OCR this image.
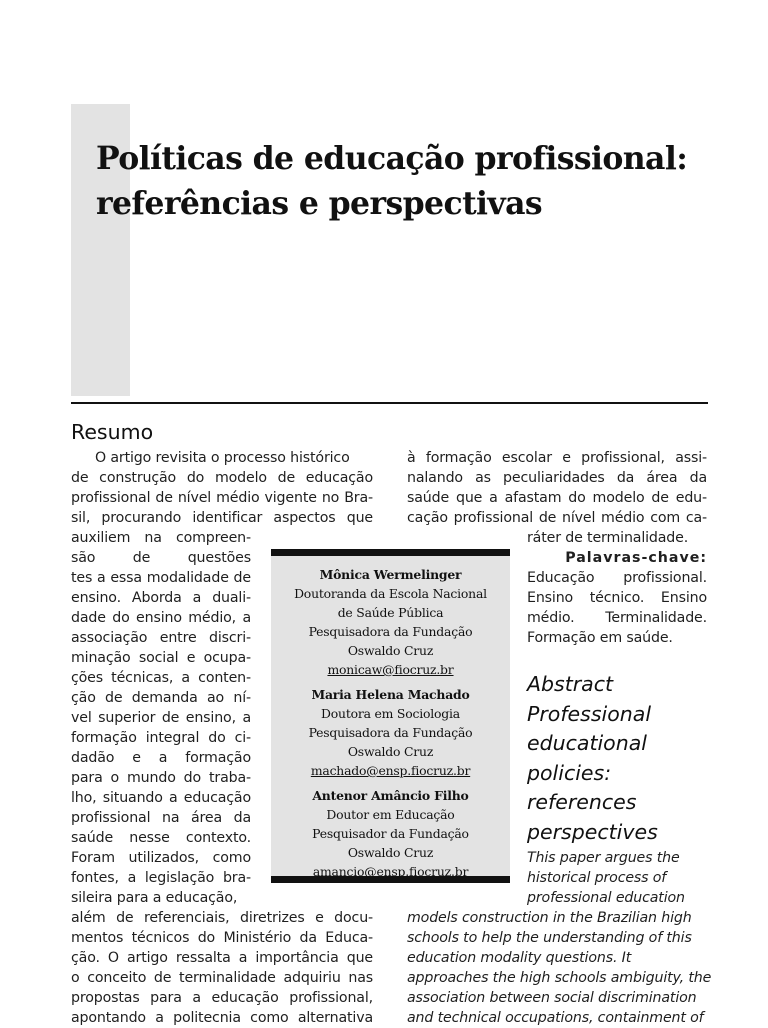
Políticas de educação profissional:
referências e perspectivas
Resumo
O artigo revisita o processo histórico
de construção do modelo de educação
profissional de nível médio vigente no Bra-
sil, procurando identificar aspectos que
auxiliem na compreen-
são de questões
tes a essa modalidade de
ensino. Aborda a duali-
dade do ensino médio, a
associação entre discri-
minação social e ocupa-
ções técnicas, a conten-
ção de demanda ao ní-
vel superior de ensino, a
formação integral do ci-
dadão e a formação
para o mundo do traba-
lho, situando a educação
profissional na área da
saúde nesse contexto.
Foram utilizados, como
fontes, a legislação bra-
sileira para a educação,
além de referenciais, diretrizes e docu-
mentos técnicos do Ministério da Educa-
ção. O artigo ressalta a importância que
o conceito de terminalidade adquiriu nas
propostas para a educação profissional,
apontando a politecnia como alternativa
à formação escolar e profissional, assi-
nalando as peculiaridades da área da
saúde que a afastam do modelo de edu-
cação profissional de nível médio com ca-
ráter de terminalidade.
Palavras-chave:
Educação profissional.
Ensino técnico. Ensino
médio. Terminalidade.
Formação em saúde.
Abstract
Professional
educational
policies:
references
perspectives
This paper argues the
historical process of
professional education
models construction in the Brazilian high
schools to help the understanding of this
education modality questions. It
approaches the high schools ambiguity, the
association between social discrimination
and technical occupations, containment of
Mônica Wermelinger
Doutoranda da Escola Nacional
de Saúde Pública
Pesquisadora da Fundação
Oswaldo Cruz
monicaw@fiocruz.br
Maria Helena Machado
Doutora em Sociologia
Pesquisadora da Fundação
Oswaldo Cruz
machado@ensp.fiocruz.br
Antenor Amâncio Filho
Doutor em Educação
Pesquisador da Fundação
Oswaldo Cruz
amancio@ensp.fiocruz.br
